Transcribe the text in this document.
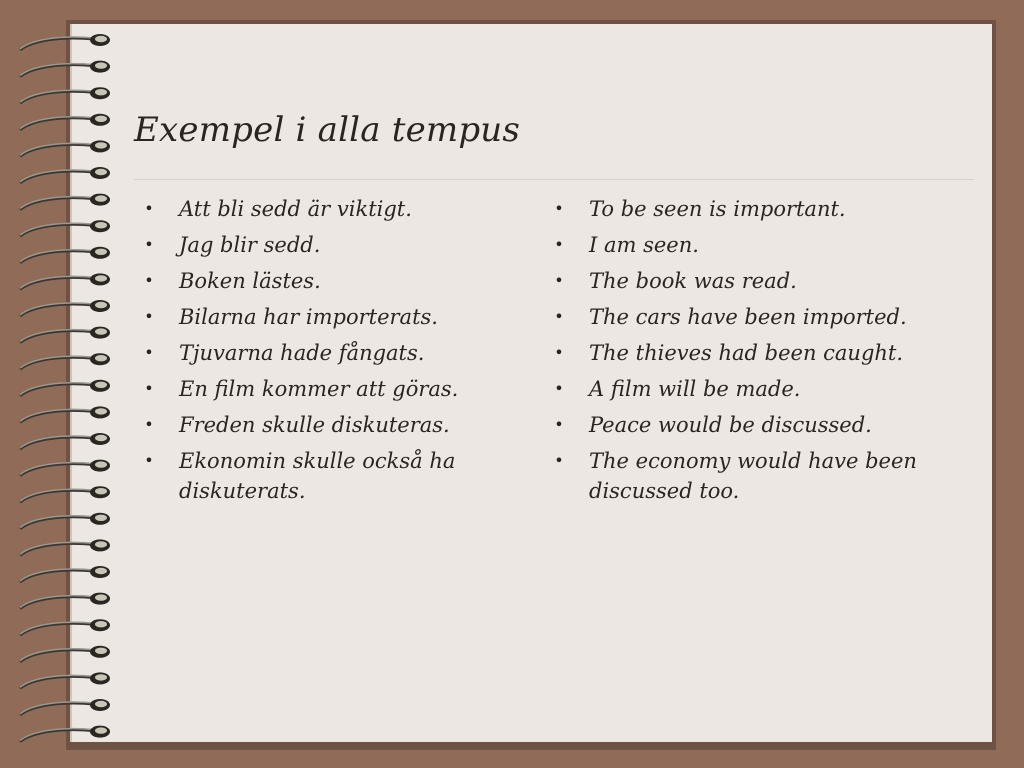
Exempel i alla tempus
• Att bli sedd är viktigt.
• Jag blir sedd.
• Boken lästes.
• Bilarna har importerats.
• Tjuvarna hade fångats.
• En film kommer att göras.
• Freden skulle diskuteras.
• Ekonomin skulle också ha diskuterats.
• To be seen is important.
• I am seen.
• The book was read.
• The cars have been imported.
• The thieves had been caught.
• A film will be made.
• Peace would be discussed.
• The economy would have been discussed too.
